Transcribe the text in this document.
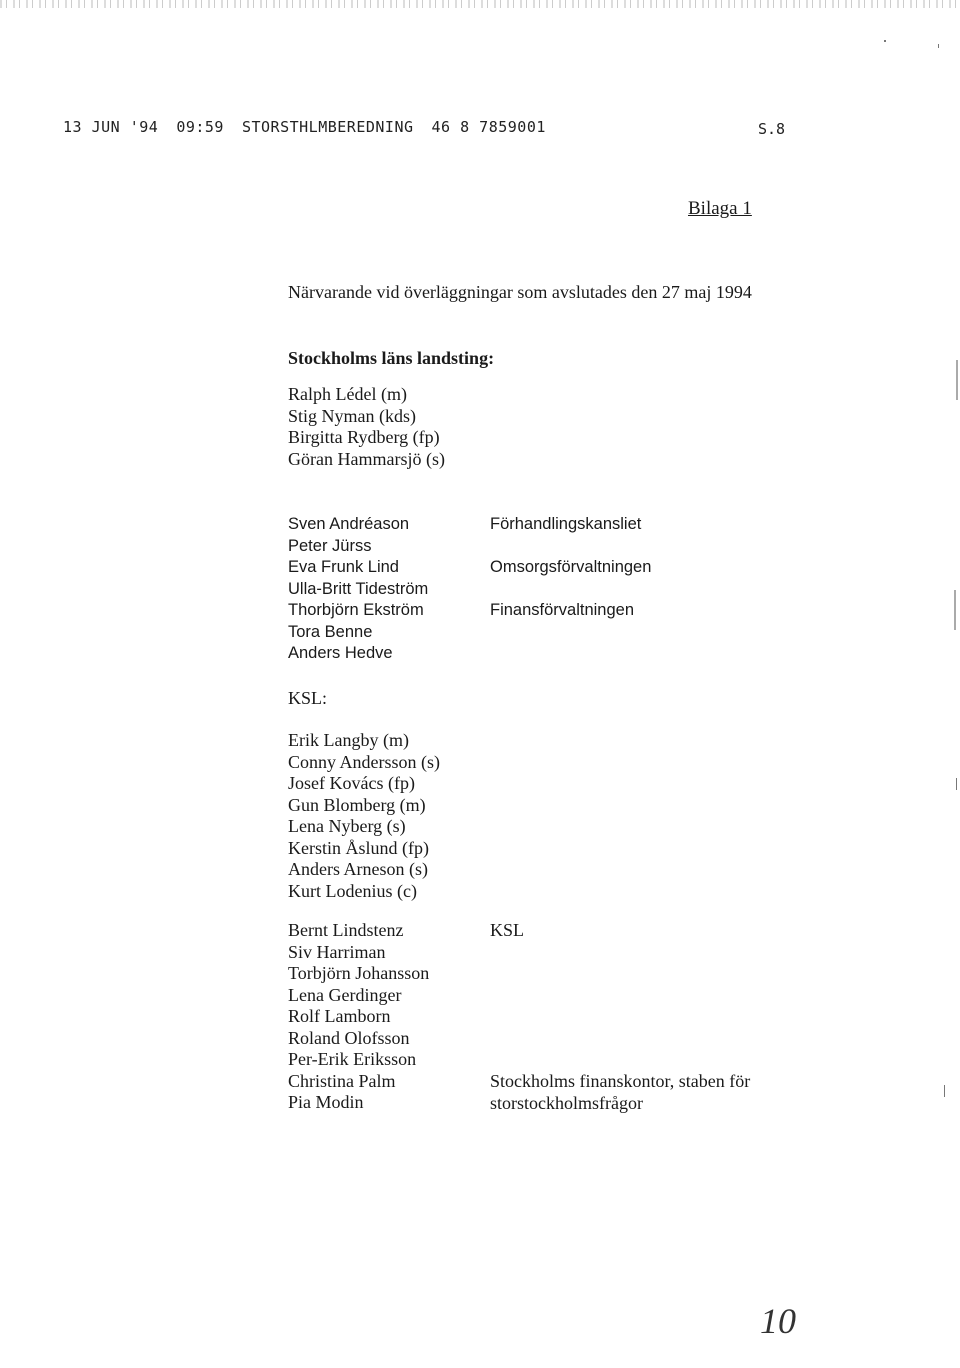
13 JUN '94 09:59 STORSTHLMBEREDNING 46 8 7859001	S.8
Bilaga 1
Närvarande vid överläggningar som avslutades den 27 maj 1994
Stockholms läns landsting:
Ralph Lédel (m)
Stig Nyman (kds)
Birgitta Rydberg (fp)
Göran Hammarsjö (s)
Sven Andréason
Peter Jürss
Eva Frunk Lind
Ulla-Britt Tideström
Thorbjörn Ekström
Tora Benne
Anders Hedve
Förhandlingskansliet
Omsorgsförvaltningen
Finansförvaltningen
KSL:
Erik Langby (m)
Conny Andersson (s)
Josef Kovács (fp)
Gun Blomberg (m)
Lena Nyberg (s)
Kerstin Åslund (fp)
Anders Arneson (s)
Kurt Lodenius (c)
Bernt Lindstenz
Siv Harriman
Torbjörn Johansson
Lena Gerdinger
Rolf Lamborn
Roland Olofsson
Per-Erik Eriksson
Christina Palm
Pia Modin
KSL
Stockholms finanskontor, staben för
storstockholmsfrågor
10
